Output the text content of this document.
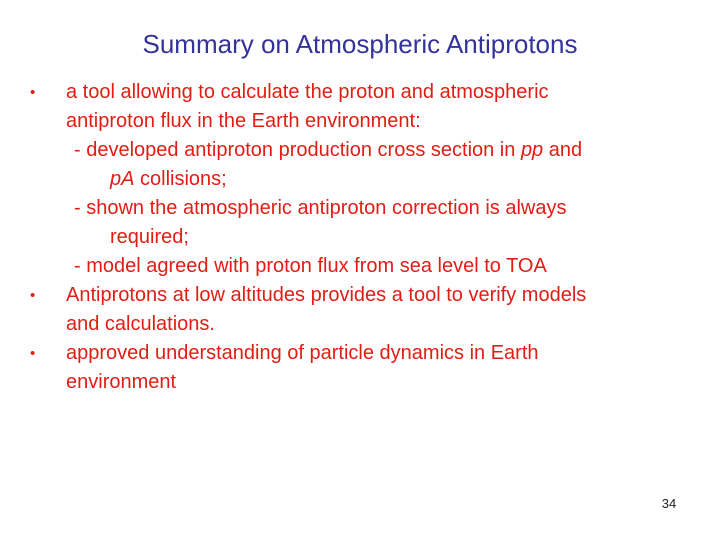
Summary on Atmospheric Antiprotons
• a tool allowing to calculate the proton and atmospheric
antiproton flux in the Earth environment:
- developed antiproton production cross section in pp and
pA collisions;
- shown the atmospheric antiproton correction is always
required;
- model agreed with proton flux from sea level to TOA
• Antiprotons at low altitudes provides a tool to verify models
and calculations.
• approved understanding of particle dynamics in Earth
environment
34
